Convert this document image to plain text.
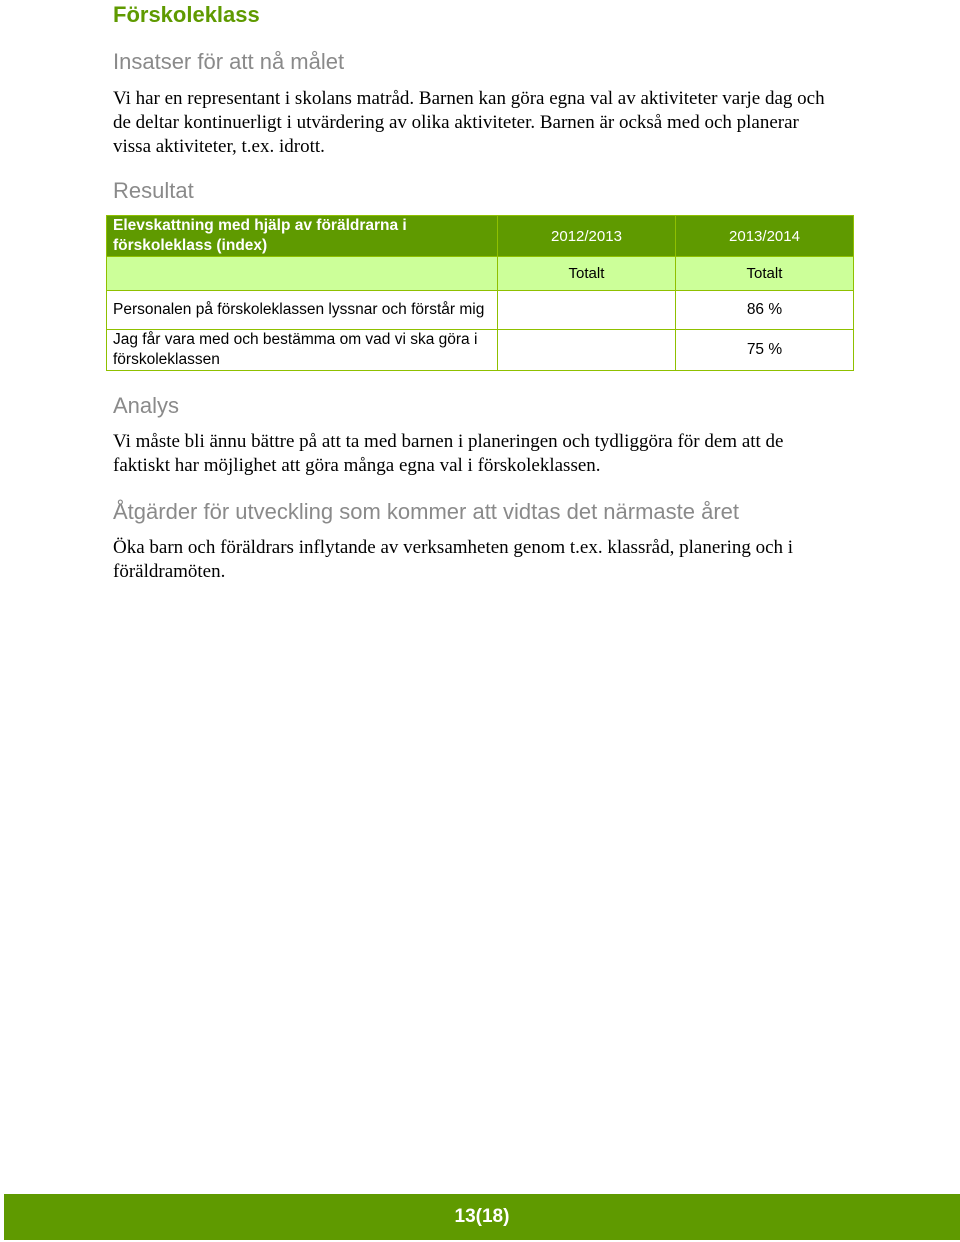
Förskoleklass
Insatser för att nå målet

Vi har en representant i skolans matråd. Barnen kan göra egna val av aktiviteter varje dag och de deltar kontinuerligt i utvärdering av olika aktiviteter. Barnen är också med och planerar vissa aktiviteter, t.ex. idrott.

Resultat
Elevskattning med hjälp av föräldrarna i förskoleklass (index)	2012/2013	2013/2014
	Totalt	Totalt
Personalen på förskoleklassen lyssnar och förstår mig		86 %
Jag får vara med och bestämma om vad vi ska göra i förskoleklassen		75 %
Analys

Vi måste bli ännu bättre på att ta med barnen i planeringen och tydliggöra för dem att de faktiskt har möjlighet att göra många egna val i förskoleklassen.

Åtgärder för utveckling som kommer att vidtas det närmaste året

Öka barn och föräldrars inflytande av verksamheten genom t.ex. klassråd, planering och i föräldramöten.

13(18)
